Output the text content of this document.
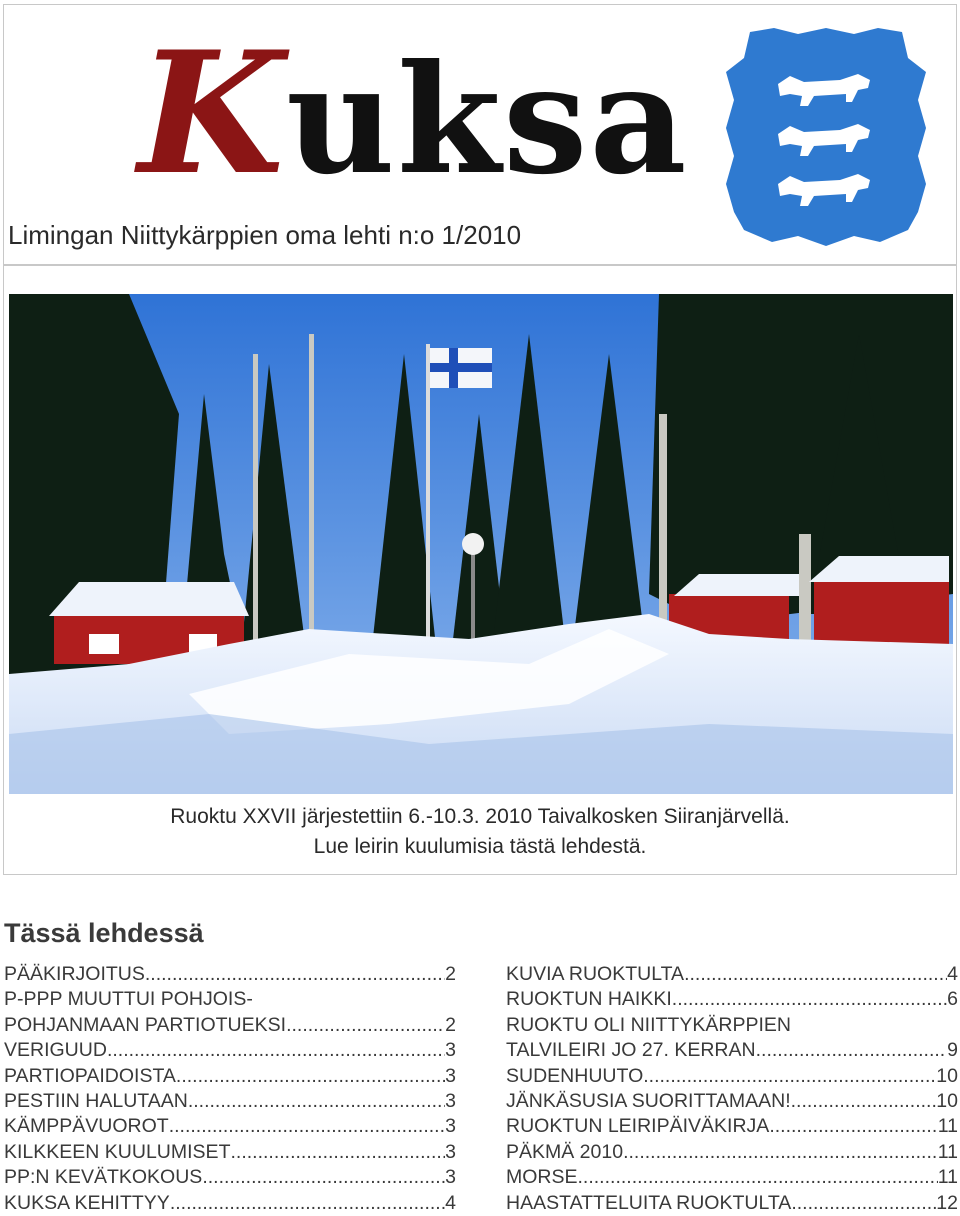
Kuksa
Limingan Niittykärppien oma lehti n:o 1/2010
Ruoktu XXVII järjestettiin 6.-10.3. 2010 Taivalkosken Siiranjärvellä.
Lue leirin kuulumisia tästä lehdestä.
Tässä lehdessä
PÄÄKIRJOITUS .....	2
P-PPP MUUTTUI POHJOIS-
POHJANMAAN PARTIOTUEKSI .....	2
VERIGUUD .....	3
PARTIOPAIDOISTA .....	3
PESTIIN HALUTAAN .....	3
KÄMPPÄVUOROT .....	3
KILKKEEN KUULUMISET .....	3
PP:N KEVÄTKOKOUS .....	3
KUKSA KEHITTYY .....	4
KUVIA RUOKTULTA .....	4
RUOKTUN HAIKKI .....	6
RUOKTU OLI NIITTYKÄRPPIEN
TALVILEIRI JO 27. KERRAN .....	9
SUDENHUUTO .....	10
JÄNKÄSUSIA SUORITTAMAAN! .....	10
RUOKTUN LEIRIPÄIVÄKIRJA .....	11
PÄKMÄ 2010 .....	11
MORSE .....	11
HAASTATTELUITA RUOKTULTA .....	12
